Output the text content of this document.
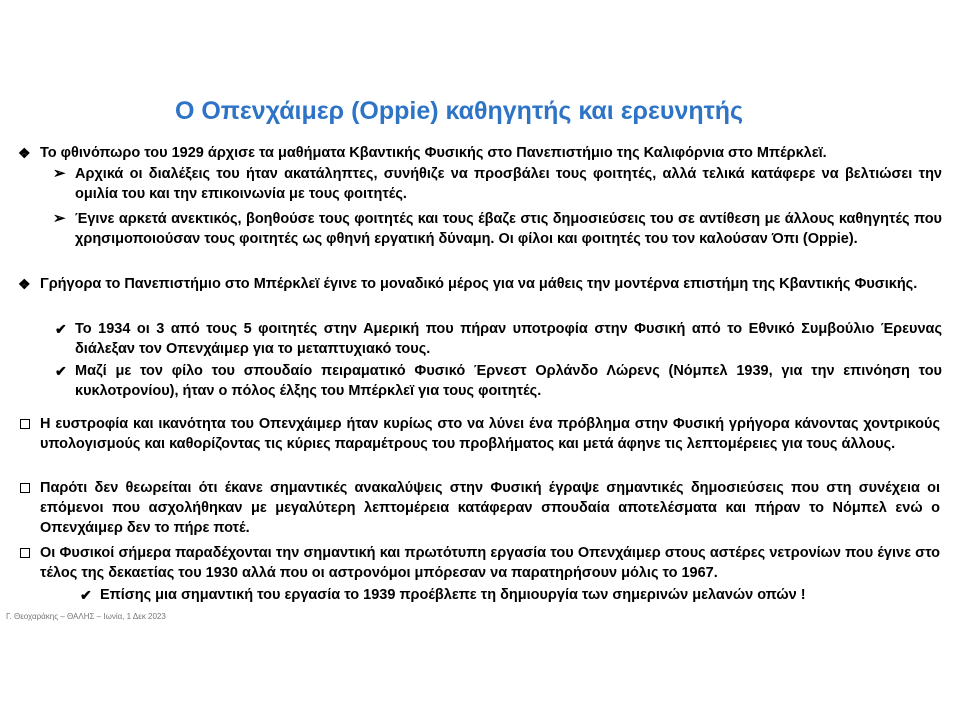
Ο Οπενχάιμερ (Oppie) καθηγητής και ερευνητής
❖ Το φθινόπωρο του 1929 άρχισε τα μαθήματα Κβαντικής Φυσικής στο Πανεπιστήμιο της Καλιφόρνια στο Μπέρκλεϊ.
➢ Αρχικά οι διαλέξεις του ήταν ακατάληπτες, συνήθιζε να προσβάλει τους φοιτητές, αλλά τελικά κατάφερε να βελτιώσει την ομιλία του και την επικοινωνία με τους φοιτητές.
➢ Έγινε αρκετά ανεκτικός, βοηθούσε τους φοιτητές και τους έβαζε στις δημοσιεύσεις του σε αντίθεση με άλλους καθηγητές που χρησιμοποιούσαν τους φοιτητές ως φθηνή εργατική δύναμη. Οι φίλοι και φοιτητές του τον καλούσαν Όπι (Oppie).
❖ Γρήγορα το Πανεπιστήμιο στο Μπέρκλεϊ έγινε το μοναδικό μέρος για να μάθεις την μοντέρνα επιστήμη της Κβαντικής Φυσικής.
✔ Το 1934 οι 3 από τους 5 φοιτητές στην Αμερική που πήραν υποτροφία στην Φυσική από το Εθνικό Συμβούλιο Έρευνας διάλεξαν τον Οπενχάιμερ για το μεταπτυχιακό τους.
✔ Μαζί με τον φίλο του σπουδαίο πειραματικό Φυσικό Έρνεστ Ορλάνδο Λώρενς (Νόμπελ 1939, για την επινόηση του κυκλοτρονίου), ήταν ο πόλος έλξης του Μπέρκλεϊ για τους φοιτητές.
Η ευστροφία και ικανότητα του Οπενχάιμερ ήταν κυρίως στο να λύνει ένα πρόβλημα στην Φυσική γρήγορα κάνοντας χοντρικούς υπολογισμούς και καθορίζοντας τις κύριες παραμέτρους του προβλήματος και μετά άφηνε τις λεπτομέρειες για τους άλλους.
Παρότι δεν θεωρείται ότι έκανε σημαντικές ανακαλύψεις στην Φυσική έγραψε σημαντικές δημοσιεύσεις που στη συνέχεια οι επόμενοι που ασχολήθηκαν με μεγαλύτερη λεπτομέρεια κατάφεραν σπουδαία αποτελέσματα και πήραν το Νόμπελ ενώ ο Οπενχάιμερ δεν το πήρε ποτέ.
Οι Φυσικοί σήμερα παραδέχονται την σημαντική και πρωτότυπη εργασία του Οπενχάιμερ στους αστέρες νετρονίων που έγινε στο τέλος της δεκαετίας του 1930 αλλά που οι αστρονόμοι μπόρεσαν να παρατηρήσουν μόλις το 1967.
✔ Επίσης μια σημαντική του εργασία το 1939 προέβλεπε τη δημιουργία των σημερινών μελανών οπών !
Γ. Θεοχαράκης – ΘΑΛΗΣ – Ιωνία, 1 Δεκ 2023
